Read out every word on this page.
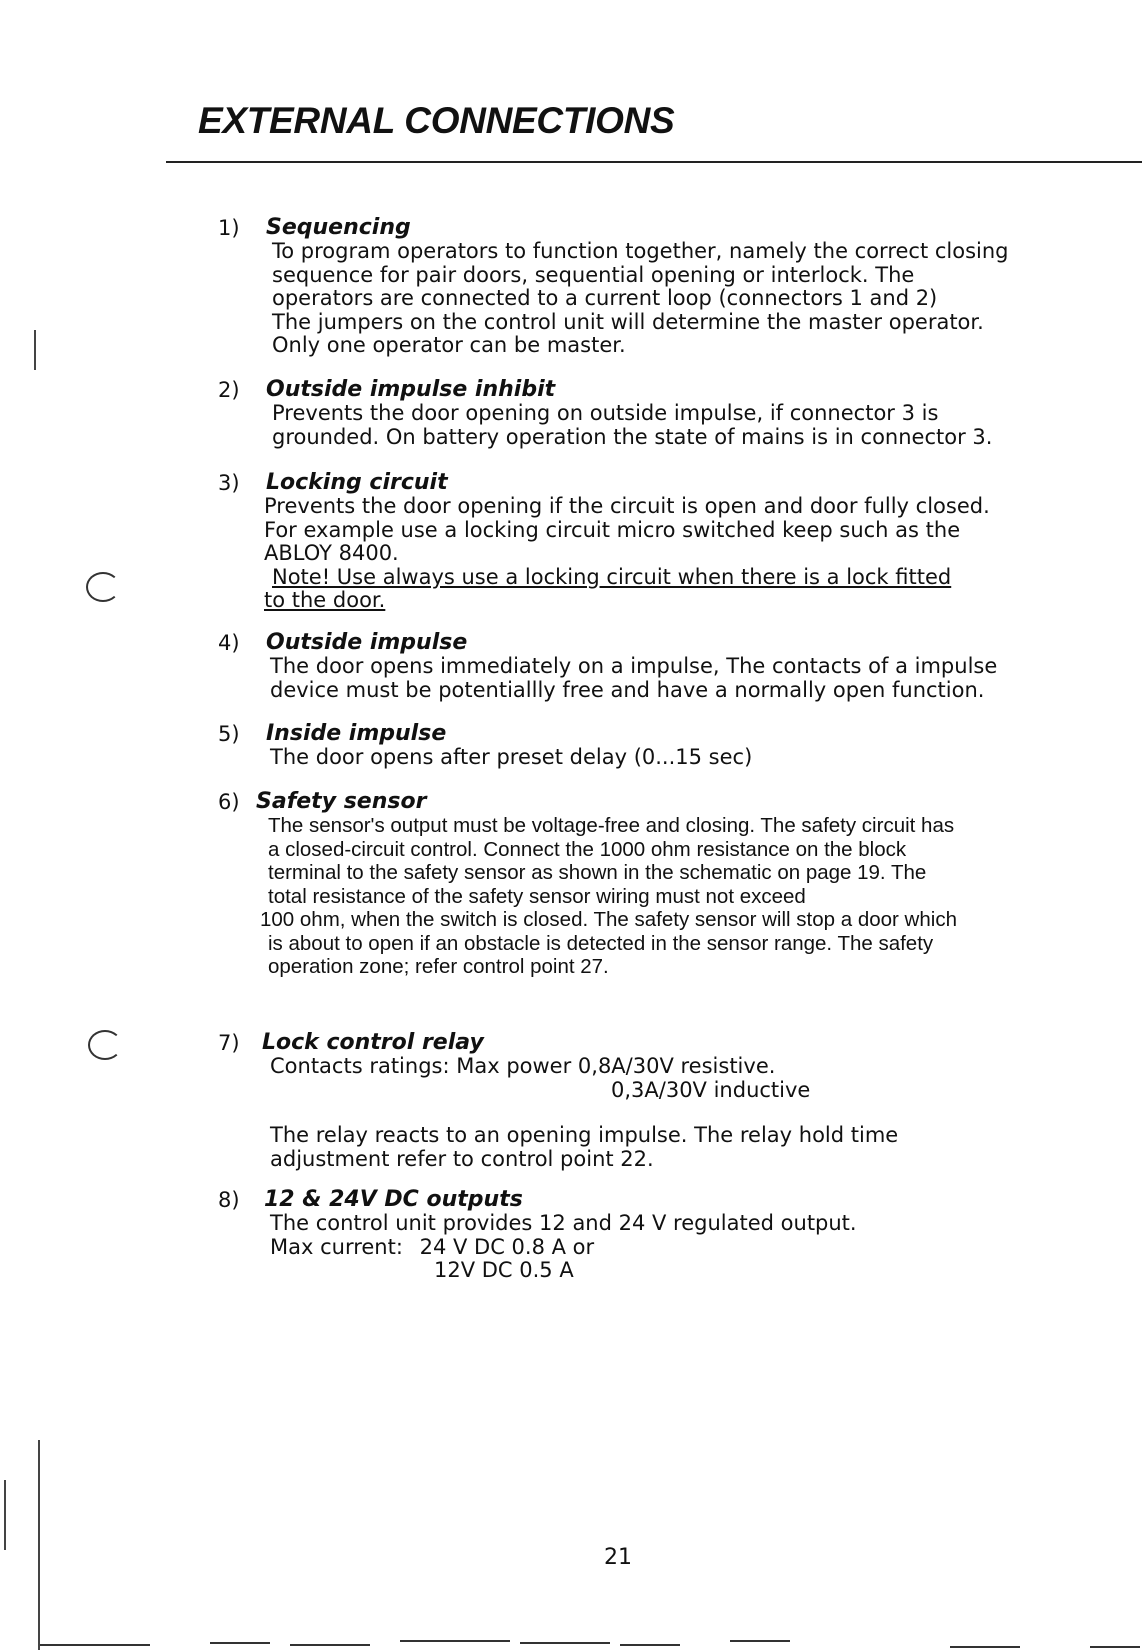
EXTERNAL CONNECTIONS
1) Sequencing
To program operators to function together, namely the correct closing
sequence for pair doors, sequential opening or interlock. The
operators are connected to a current loop (connectors 1 and 2)
The jumpers on the control unit will determine the master operator.
Only one operator can be master.
2) Outside impulse inhibit
Prevents the door opening on outside impulse, if connector 3 is
grounded. On battery operation the state of mains is in connector 3.
3) Locking circuit
Prevents the door opening if the circuit is open and door fully closed.
For example use a locking circuit micro switched keep such as the
ABLOY 8400.
Note! Use always use a locking circuit when there is a lock fitted
to the door.
4) Outside impulse
The door opens immediately on a impulse, The contacts of a impulse
device must be potentiallly free and have a normally open function.
5) Inside impulse
The door opens after preset delay (0...15 sec)
6) Safety sensor
The sensor's output must be voltage-free and closing. The safety circuit has
a closed-circuit control. Connect the 1000 ohm resistance on the block
terminal to the safety sensor as shown in the schematic on page 19. The
total resistance of the safety sensor wiring must not exceed
100 ohm, when the switch is closed. The safety sensor will stop a door which
is about to open if an obstacle is detected in the sensor range. The safety
operation zone; refer control point 27.
7) Lock control relay
Contacts ratings: Max power 0,8A/30V resistive.
0,3A/30V inductive
The relay reacts to an opening impulse. The relay hold time
adjustment refer to control point 22.
8) 12 & 24V DC outputs
The control unit provides 12 and 24 V regulated output.
Max current: 24 V DC 0.8 A or
12V DC 0.5 A
21
